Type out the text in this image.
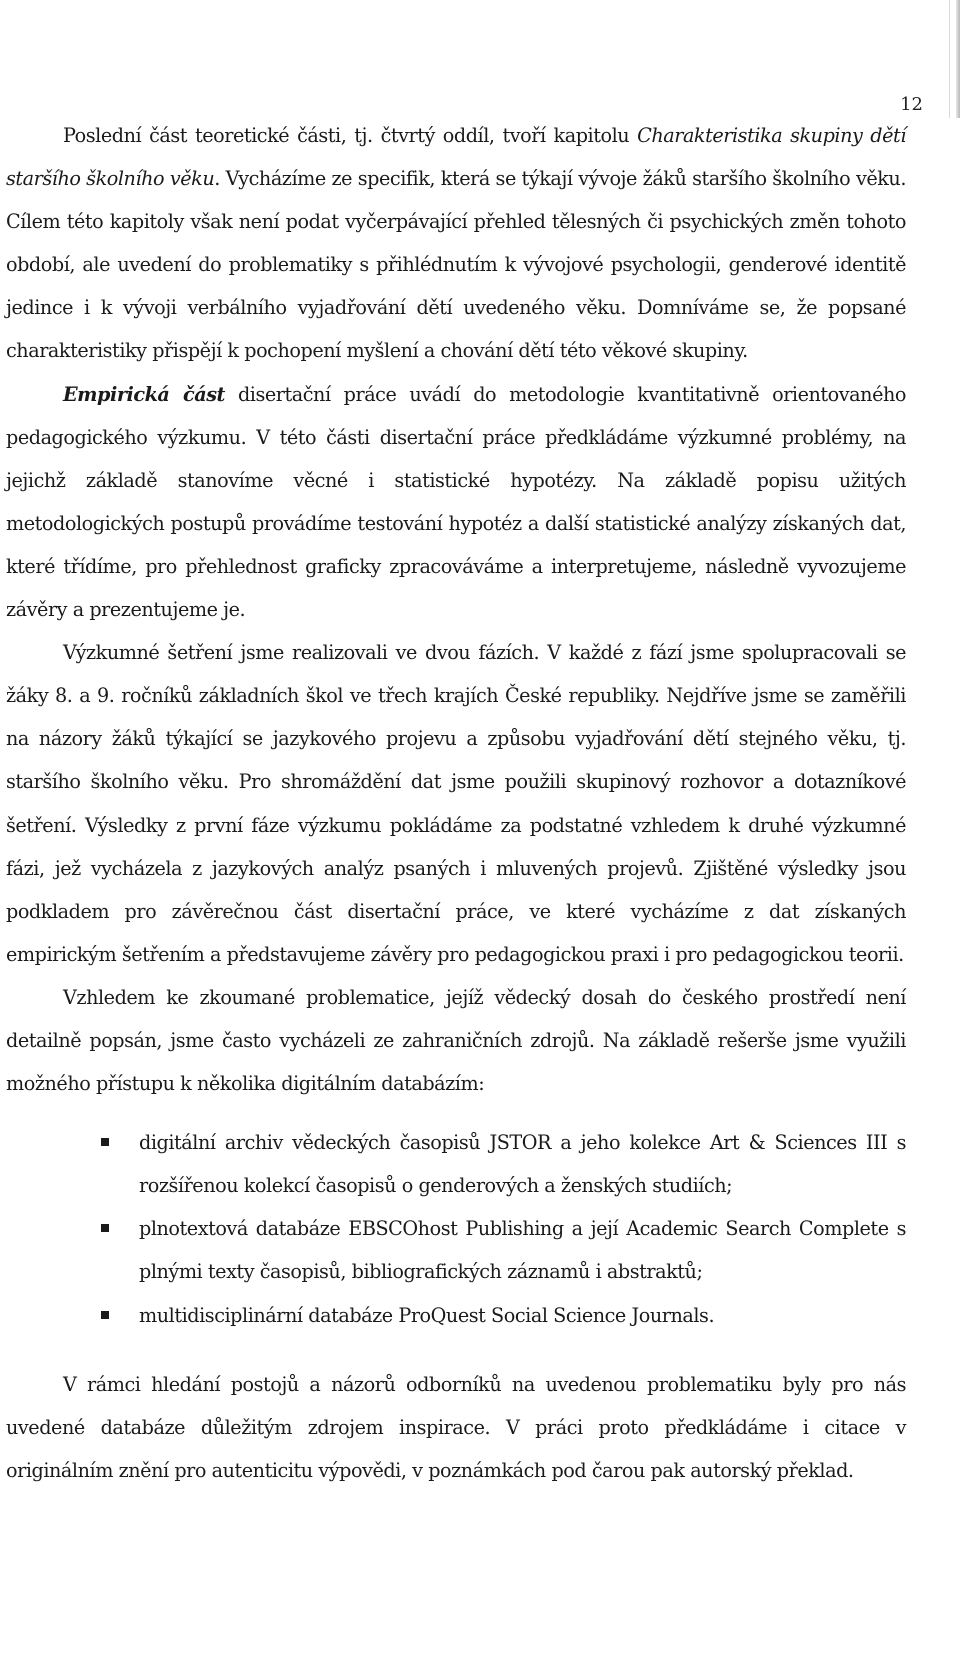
12

Poslední část teoretické části, tj. čtvrtý oddíl, tvoří kapitolu Charakteristika skupiny dětí staršího školního věku. Vycházíme ze specifik, která se týkají vývoje žáků staršího školního věku. Cílem této kapitoly však není podat vyčerpávající přehled tělesných či psychických změn tohoto období, ale uvedení do problematiky s přihlédnutím k vývojové psychologii, genderové identitě jedince i k vývoji verbálního vyjadřování dětí uvedeného věku. Domníváme se, že popsané charakteristiky přispějí k pochopení myšlení a chování dětí této věkové skupiny.

Empirická část disertační práce uvádí do metodologie kvantitativně orientovaného pedagogického výzkumu. V této části disertační práce předkládáme výzkumné problémy, na jejichž základě stanovíme věcné i statistické hypotézy. Na základě popisu užitých metodologických postupů provádíme testování hypotéz a další statistické analýzy získaných dat, které třídíme, pro přehlednost graficky zpracováváme a interpretujeme, následně vyvozujeme závěry a prezentujeme je.

Výzkumné šetření jsme realizovali ve dvou fázích. V každé z fází jsme spolupracovali se žáky 8. a 9. ročníků základních škol ve třech krajích České republiky. Nejdříve jsme se zaměřili na názory žáků týkající se jazykového projevu a způsobu vyjadřování dětí stejného věku, tj. staršího školního věku. Pro shromáždění dat jsme použili skupinový rozhovor a dotazníkové šetření. Výsledky z první fáze výzkumu pokládáme za podstatné vzhledem k druhé výzkumné fázi, jež vycházela z jazykových analýz psaných i mluvených projevů. Zjištěné výsledky jsou podkladem pro závěrečnou část disertační práce, ve které vycházíme z dat získaných empirickým šetřením a představujeme závěry pro pedagogickou praxi i pro pedagogickou teorii.

Vzhledem ke zkoumané problematice, jejíž vědecký dosah do českého prostředí není detailně popsán, jsme často vycházeli ze zahraničních zdrojů. Na základě rešerše jsme využili možného přístupu k několika digitálním databázím:

digitální archiv vědeckých časopisů JSTOR a jeho kolekce Art & Sciences III s rozšířenou kolekcí časopisů o genderových a ženských studiích;
plnotextová databáze EBSCOhost Publishing a její Academic Search Complete s plnými texty časopisů, bibliografických záznamů i abstraktů;
multidisciplinární databáze ProQuest Social Science Journals.

V rámci hledání postojů a názorů odborníků na uvedenou problematiku byly pro nás uvedené databáze důležitým zdrojem inspirace. V práci proto předkládáme i citace v originálním znění pro autenticitu výpovědi, v poznámkách pod čarou pak autorský překlad.
